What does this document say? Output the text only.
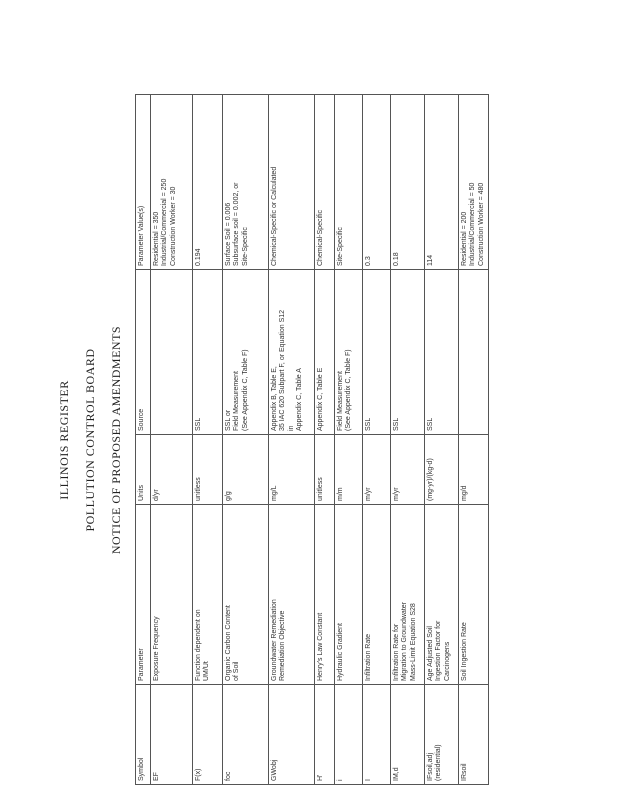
ILLINOIS REGISTER POLLUTION CONTROL BOARD NOTICE OF PROPOSED AMENDMENTS
Symbol	Parameter	Units	Source	Parameter Value(s)
EF	Exposure Frequency	d/yr		Residential = 350
Industrial/Commercial = 250
Construction Worker = 30
F(x)	Function dependent on
UM/Ut	unitless	SSL	0.194
foc	Organic Carbon Content
of Soil	g/g	SSL or
Field Measurement
(See Appendix C, Table F)	Surface Soil = 0.006
Subsurface soil = 0.002, or
Site-Specific
GWobj	Groundwater Remediation
Remediation Objective	mg/L	Appendix B, Table E,
35 IAC 620 Subpart F, or Equation S12
in
Appendix C, Table A	Chemical-Specific or Calculated
H'	Henry's Law Constant	unitless	Appendix C, Table E	Chemical-Specific
i	Hydraulic Gradient	m/m	Field Measurement
(See Appendix C, Table F)	Site-Specific
I	Infiltration Rate	m/yr	SSL	0.3
IM,d	Infiltration Rate for
Migration to Groundwater
Mass-Limit Equation S28	m/yr	SSL	0.18
IFsoil,adj
(residential)	Age Adjusted Soil
Ingestion Factor for
Carcinogens	(mg-yr)/(kg-d)	SSL	114
IRsoil	Soil Ingestion Rate	mg/d		Residential = 200
Industrial/Commercial = 50
Construction Worker = 480
